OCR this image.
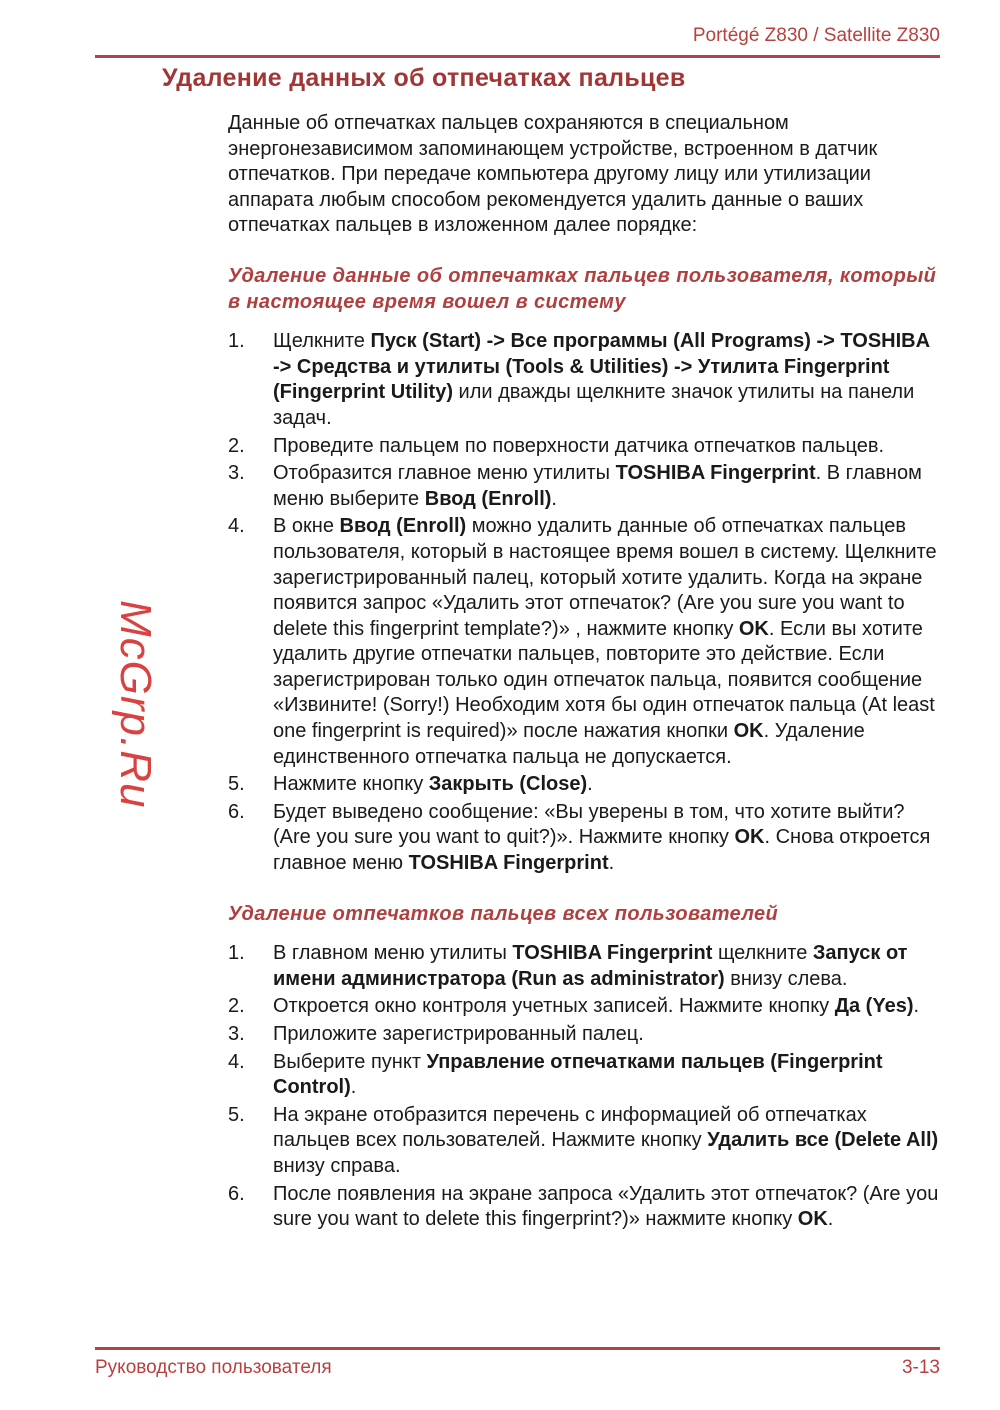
Portégé Z830 / Satellite Z830
Удаление данных об отпечатках пальцев

Данные об отпечатках пальцев сохраняются в специальном энергонезависимом запоминающем устройстве, встроенном в датчик отпечатков. При передаче компьютера другому лицу или утилизации аппарата любым способом рекомендуется удалить данные о ваших отпечатках пальцев в изложенном далее порядке:

Удаление данные об отпечатках пальцев пользователя, который в настоящее время вошел в систему
1. Щелкните Пуск (Start) -> Все программы (All Programs) -> TOSHIBA -> Средства и утилиты (Tools & Utilities) -> Утилита Fingerprint (Fingerprint Utility) или дважды щелкните значок утилиты на панели задач.
2. Проведите пальцем по поверхности датчика отпечатков пальцев.
3. Отобразится главное меню утилиты TOSHIBA Fingerprint. В главном меню выберите Ввод (Enroll).
4. В окне Ввод (Enroll) можно удалить данные об отпечатках пальцев пользователя, который в настоящее время вошел в систему. Щелкните зарегистрированный палец, который хотите удалить. Когда на экране появится запрос «Удалить этот отпечаток? (Are you sure you want to delete this fingerprint template?)» , нажмите кнопку OK. Если вы хотите удалить другие отпечатки пальцев, повторите это действие. Если зарегистрирован только один отпечаток пальца, появится сообщение «Извините! (Sorry!) Необходим хотя бы один отпечаток пальца (At least one fingerprint is required)» после нажатия кнопки OK. Удаление единственного отпечатка пальца не допускается.
5. Нажмите кнопку Закрыть (Close).
6. Будет выведено сообщение: «Вы уверены в том, что хотите выйти? (Are you sure you want to quit?)». Нажмите кнопку OK. Снова откроется главное меню TOSHIBA Fingerprint.
Удаление отпечатков пальцев всех пользователей
1. В главном меню утилиты TOSHIBA Fingerprint щелкните Запуск от имени администратора (Run as administrator) внизу слева.
2. Откроется окно контроля учетных записей. Нажмите кнопку Да (Yes).
3. Приложите зарегистрированный палец.
4. Выберите пункт Управление отпечатками пальцев (Fingerprint Control).
5. На экране отобразится перечень с информацией об отпечатках пальцев всех пользователей. Нажмите кнопку Удалить все (Delete All) внизу справа.
6. После появления на экране запроса «Удалить этот отпечаток? (Are you sure you want to delete this fingerprint?)» нажмите кнопку OK.
McGrp.Ru
Руководство пользователя	3-13
